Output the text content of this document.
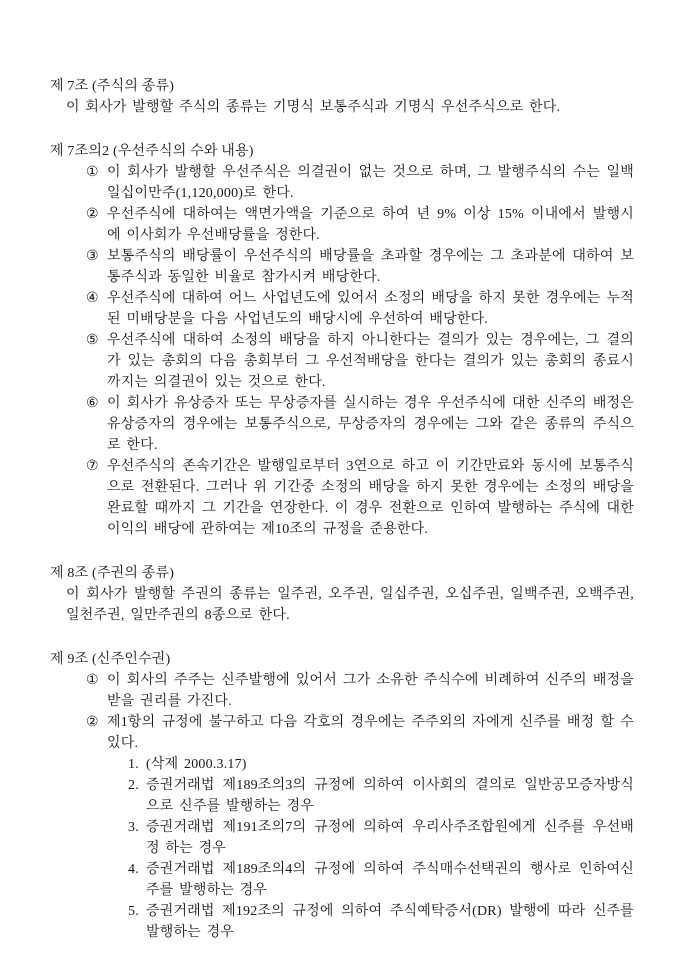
제 7조 (주식의 종류)
이 회사가 발행할 주식의 종류는 기명식 보통주식과 기명식 우선주식으로 한다.
제 7조의2 (우선주식의 수와 내용)
① 이 회사가 발행할 우선주식은 의결권이 없는 것으로 하며, 그 발행주식의 수는 일백일십이만주(1,120,000)로 한다.
② 우선주식에 대하여는 액면가액을 기준으로 하여 년 9% 이상 15% 이내에서 발행시에 이사회가 우선배당률을 정한다.
③ 보통주식의 배당률이 우선주식의 배당률을 초과할 경우에는 그 초과분에 대하여 보통주식과 동일한 비율로 참가시켜 배당한다.
④ 우선주식에 대하여 어느 사업년도에 있어서 소정의 배당을 하지 못한 경우에는 누적된 미배당분을 다음 사업년도의 배당시에 우선하여 배당한다.
⑤ 우선주식에 대하여 소정의 배당을 하지 아니한다는 결의가 있는 경우에는, 그 결의가 있는 총회의 다음 총회부터 그 우선적배당을 한다는 결의가 있는 총회의 종료시까지는 의결권이 있는 것으로 한다.
⑥ 이 회사가 유상증자 또는 무상증자를 실시하는 경우 우선주식에 대한 신주의 배정은 유상증자의 경우에는 보통주식으로, 무상증자의 경우에는 그와 같은 종류의 주식으로 한다.
⑦ 우선주식의 존속기간은 발행일로부터 3연으로 하고 이 기간만료와 동시에 보통주식으로 전환된다. 그러나 위 기간중 소정의 배당을 하지 못한 경우에는 소정의 배당을 완료할 때까지 그 기간을 연장한다. 이 경우 전환으로 인하여 발행하는 주식에 대한 이익의 배당에 관하여는 제10조의 규정을 준용한다.
제 8조 (주권의 종류)
이 회사가 발행할 주권의 종류는 일주권, 오주권, 일십주권, 오십주권, 일백주권, 오백주권, 일천주권, 일만주권의 8종으로 한다.
제 9조 (신주인수권)
① 이 회사의 주주는 신주발행에 있어서 그가 소유한 주식수에 비례하여 신주의 배정을 받을 권리를 가진다.
② 제1항의 규정에 불구하고 다음 각호의 경우에는 주주외의 자에게 신주를 배정 할 수 있다.
1. (삭제 2000.3.17)
2. 증권거래법 제189조의3의 규정에 의하여 이사회의 결의로 일반공모증자방식 으로 신주를 발행하는 경우
3. 증권거래법 제191조의7의 규정에 의하여 우리사주조합원에게 신주를 우선배정 하는 경우
4. 증권거래법 제189조의4의 규정에 의하여 주식매수선택권의 행사로 인하여신주를 발행하는 경우
5. 증권거래법 제192조의 규정에 의하여 주식예탁증서(DR) 발행에 따라 신주를 발행하는 경우
